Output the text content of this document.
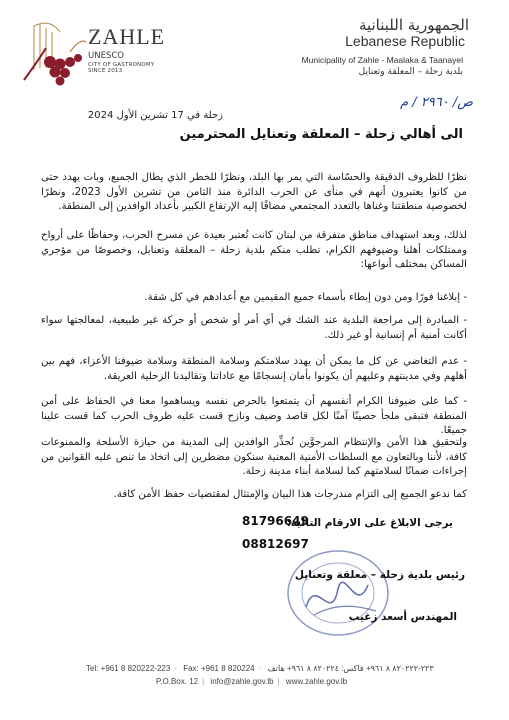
ZAHLE
UNESCO
CITY OF GASTRONOMY
SINCE 2013
الجمهورية اللبنانية
Lebanese Republic
Municipality of Zahle - Maalaka & Taanayel
بلدية زحلة – المعلقة وتعنايل
ص/ ٢٩٦٠ / م
زحلة في 17 تشرين الأول 2024
الى أهالي زحلة – المعلقة وتعنايل المحترمين
نظرًا للظروف الدقيقة والحسّاسة التي يمر بها البلد، ونظرًا للخطر الذي يطال الجميع، وبات يهدد حتى من كانوا يعتبرون أنهم في منأى عن الحرب الدائرة منذ الثامن من تشرين الأول 2023، ونظرًا لخصوصية منطقتنا وغناها بالتعدد المجتمعي مضافًا إليه الإرتفاع الكبير بأعداد الوافدين إلى المنطقة.
لذلك، وبعد استهداف مناطق متفرقة من لبنان كانت تُعتبر بعيدة عن مسرح الحرب، وحفاظًا على أرواح وممتلكات أهلنا وضيوفهم الكرام، تطلب منكم بلدية زحلة – المعلقة وتعنايل، وخصوصًا من مؤجري المساكن بمختلف أنواعها:
- إبلاغنا فورًا ومن دون إبطاء بأسماء جميع المقيمين مع أعدادهم في كل شقة.
- المبادرة إلى مراجعة البلدية عند الشك في أي أمر أو شخص أو حركة غير طبيعية، لمعالجتها سواء أكانت أمنية أم إنسانية أو غير ذلك.
- عدم التغاضي عن كل ما يمكن أن يهدد سلامتكم وسلامة المنطقة وسلامة ضيوفنا الأعزاء، فهم بين أهلهم وفي مدينتهم وعليهم أن يكونوا بأمان إنسجامًا مع عاداتنا وتقاليدنا الزحلية العريقة.
- كما على ضيوفنا الكرام أنفسهم أن يتمتعوا بالحرص نفسه ويساهموا معنا في الحفاظ على أمن المنطقة فتبقى ملجأ حصينًا آمنًا لكل قاصد وضيف ونازح قست عليه ظروف الحرب كما قست علينا جميعًا.
ولتحقيق هذا الأمن والإنتظام المرجوَّين نُحذِّر الوافدين إلى المدينة من حيازة الأسلحة والممنوعات كافة، لأننا وبالتعاون مع السلطات الأمنية المعنية سنكون مضطرين إلى اتخاذ ما تنص عليه القوانين من إجراءات ضمانًا لسلامتهم كما لسلامة أبناء مدينة زحلة.
كما ندعو الجميع إلى التزام مندرجات هذا البيان والإمتثال لمقتضيات حفظ الأمن كافة.
يرجى الابلاغ على الارقام التالية:
81796649
08812697
رئيس بلدية زحلة – معلقة وتعنايل
المهندس أسعد زغيب
Tel: +961 8 820222-223 - Fax: +961 8 820224 · ٢٢٣-٨٢٠٢٢٢ ٨ ٩٦١+ فاكس: ٨٢٠٢٢٤ ٨ ٩٦١+ هاتف
P.O.Box. 12 | info@zahle.gov.lb | www.zahle.gov.lb
